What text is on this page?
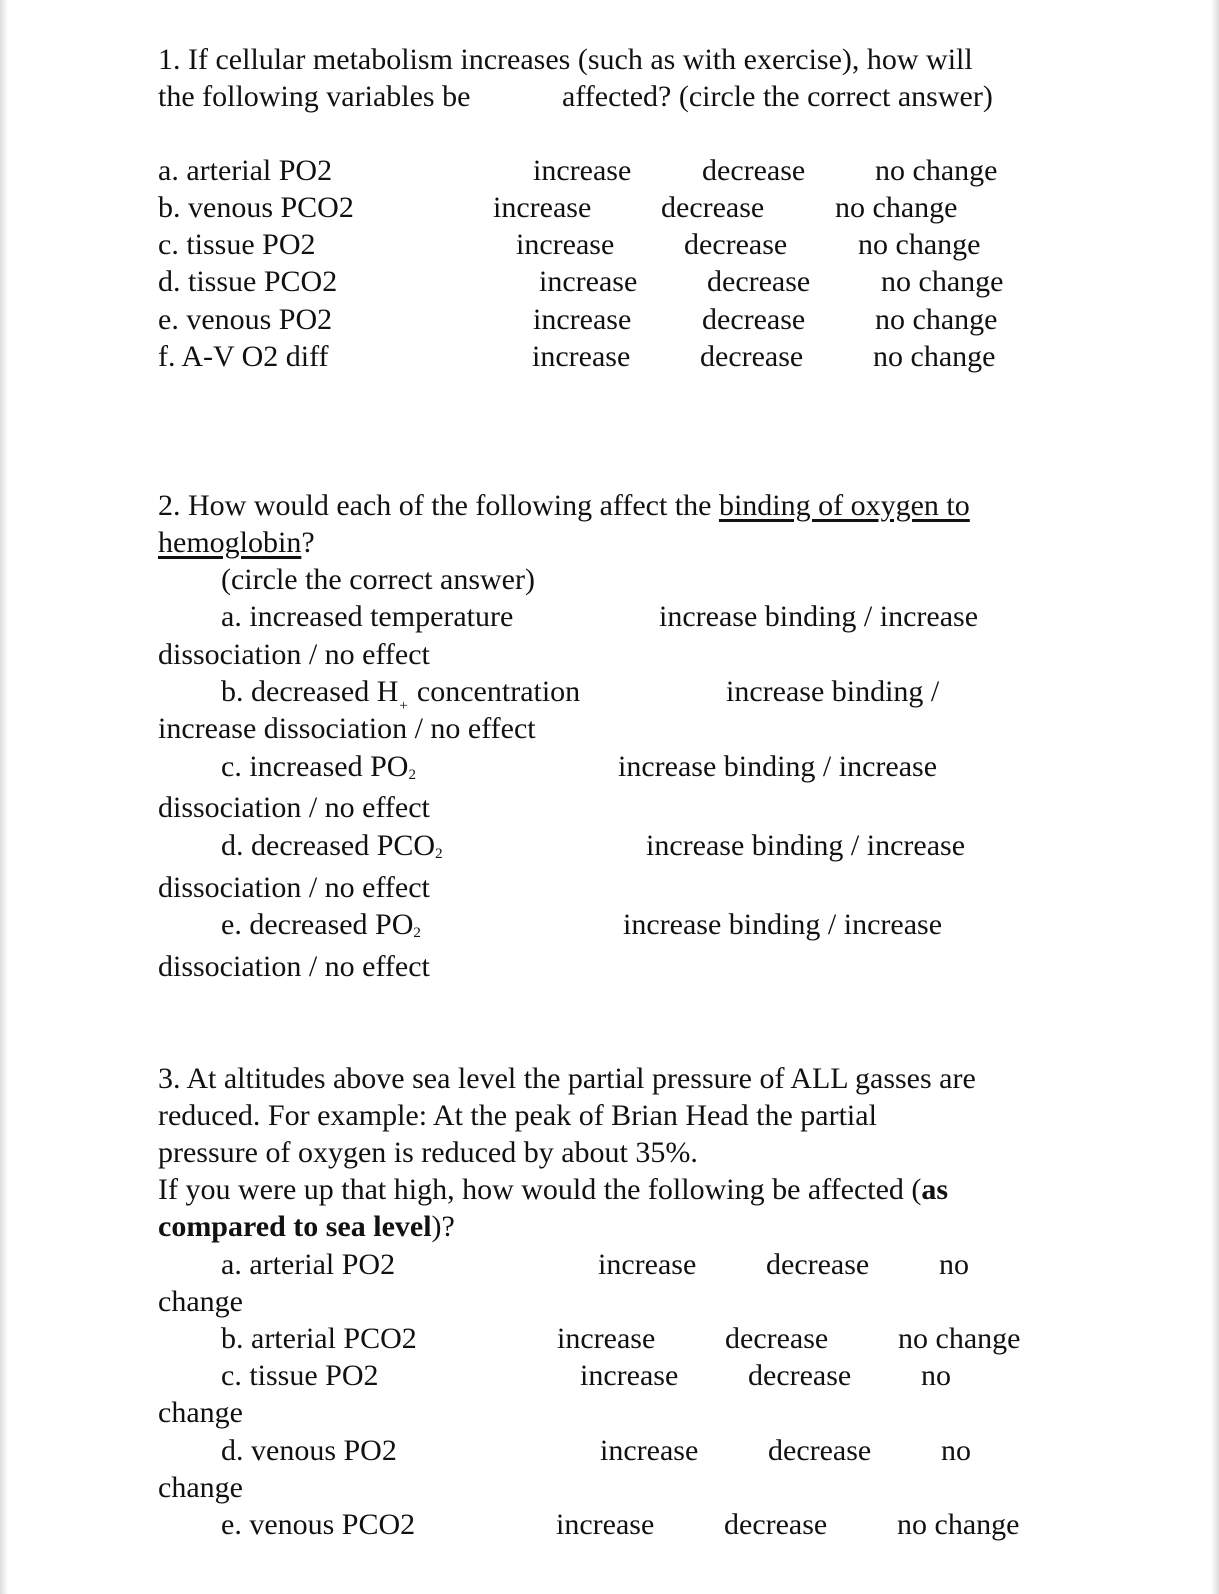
1. If cellular metabolism increases (such as with exercise), how will
the following variables be	affected? (circle the correct answer)
a. arterial PO2	increase decrease no change
b. venous PCO2	increase decrease no change
c. tissue PO2	increase decrease no change
d. tissue PCO2	increase decrease no change
e. venous PO2	increase decrease no change
f. A-V O2 diff	increase decrease no change
2. How would each of the following affect the binding of oxygen to
hemoglobin?
(circle the correct answer)
a. increased temperature	increase binding / increase
dissociation / no effect
b. decreased H + concentration	increase binding /
increase dissociation / no effect
c. increased PO 2	increase binding / increase
dissociation / no effect
d. decreased PCO 2	increase binding / increase
dissociation / no effect
e. decreased PO 2	increase binding / increase
dissociation / no effect
3. At altitudes above sea level the partial pressure of ALL gasses are
reduced. For example: At the peak of Brian Head the partial
pressure of oxygen is reduced by about 35%.
If you were up that high, how would the following be affected (as
compared to sea level)?
a. arterial PO2	increase decrease no
change
b. arterial PCO2	increase decrease no change
c. tissue PO2	increase decrease no
change
d. venous PO2	increase decrease no
change
e. venous PCO2	increase decrease no change
